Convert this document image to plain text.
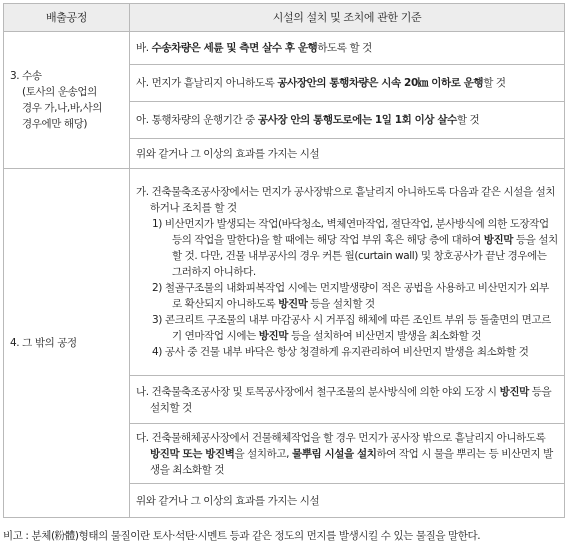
배출공정	시설의 설치 및 조치에 관한 기준
3. 수송
(토사의 운송업의
경우 가,나,바,사의
경우에만 해당)	바. 수송차량은 세륜 및 측면 살수 후 운행하도록 할 것
	사. 먼지가 흩날리지 아니하도록 공사장안의 통행차량은 시속 20㎞ 이하로 운행할 것
	아. 통행차량의 운행기간 중 공사장 안의 통행도로에는 1일 1회 이상 살수할 것
	위와 같거나 그 이상의 효과를 가지는 시설
4. 그 밖의 공정	가. 건축물축조공사장에서는 먼지가 공사장밖으로 흩날리지 아니하도록 다음과 같은 시설을 설치하거나 조치를 할 것
1) 비산먼지가 발생되는 작업(바닥청소, 벽체연마작업, 절단작업, 분사방식에 의한 도장작업 등의 작업을 말한다)을 할 때에는 해당 작업 부위 혹은 해당 층에 대하여 방진막 등을 설치할 것. 다만, 건물 내부공사의 경우 커튼 월(curtain wall) 및 창호공사가 끝난 경우에는 그러하지 아니하다.
2) 철골구조물의 내화피복작업 시에는 먼지발생량이 적은 공법을 사용하고 비산먼지가 외부로 확산되지 아니하도록 방진막 등을 설치할 것
3) 콘크리트 구조물의 내부 마감공사 시 거푸집 해체에 따른 조인트 부위 등 돌출면의 면고르기 연마작업 시에는 방진막 등을 설치하여 비산먼지 발생을 최소화할 것
4) 공사 중 건물 내부 바닥은 항상 청결하게 유지관리하여 비산먼지 발생을 최소화할 것

	나. 건축물축조공사장 및 토목공사장에서 철구조물의 분사방식에 의한 야외 도장 시 방진막 등을 설치할 것

	다. 건축물해체공사장에서 건물해체작업을 할 경우 먼지가 공사장 밖으로 흩날리지 아니하도록 방진막 또는 방진벽을 설치하고, 물뿌림 시설을 설치하여 작업 시 물을 뿌리는 등 비산먼지 발생을 최소화할 것

	위와 같거나 그 이상의 효과를 가지는 시설
비고 : 분체(粉體)형태의 물질이란 토사·석탄·시멘트 등과 같은 정도의 먼지를 발생시킬 수 있는 물질을 말한다.
